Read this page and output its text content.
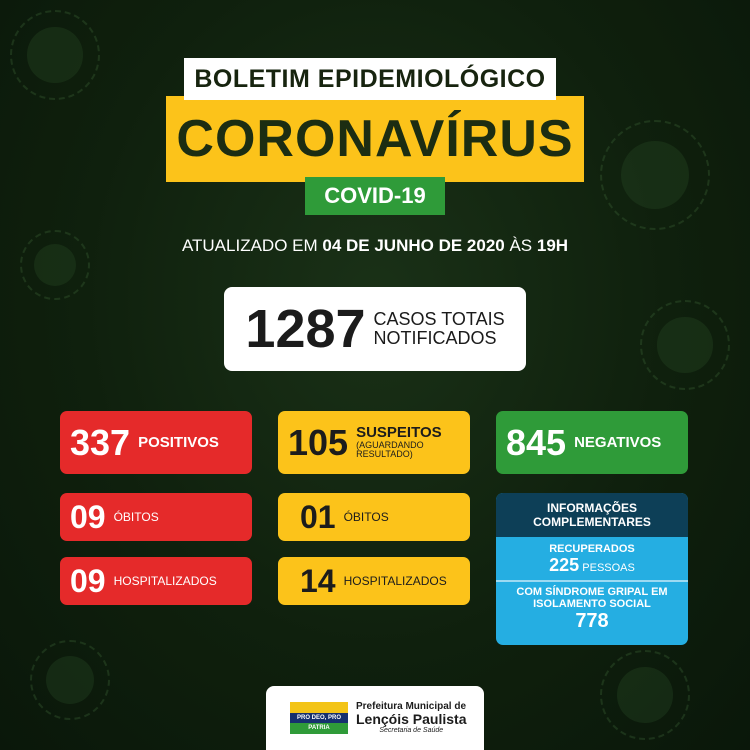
CORONAVÍRUS
BOLETIM EPIDEMIOLÓGICO
COVID-19
ATUALIZADO EM 04 DE JUNHO DE 2020 ÀS 19H
1287 CASOS TOTAIS
NOTIFICADOS
337 POSITIVOS
09 ÓBITOS
09 HOSPITALIZADOS
105 SUSPEITOS
(AGUARDANDO
RESULTADO)
01 ÓBITOS
14 HOSPITALIZADOS
845 NEGATIVOS
INFORMAÇÕES
COMPLEMENTARES
RECUPERADOS
225 PESSOAS
COM SÍNDROME GRIPAL EM
ISOLAMENTO SOCIAL
778
PRO DEO, PRO PATRIA
Prefeitura Municipal de
Lençóis Paulista
Secretaria de Saúde
